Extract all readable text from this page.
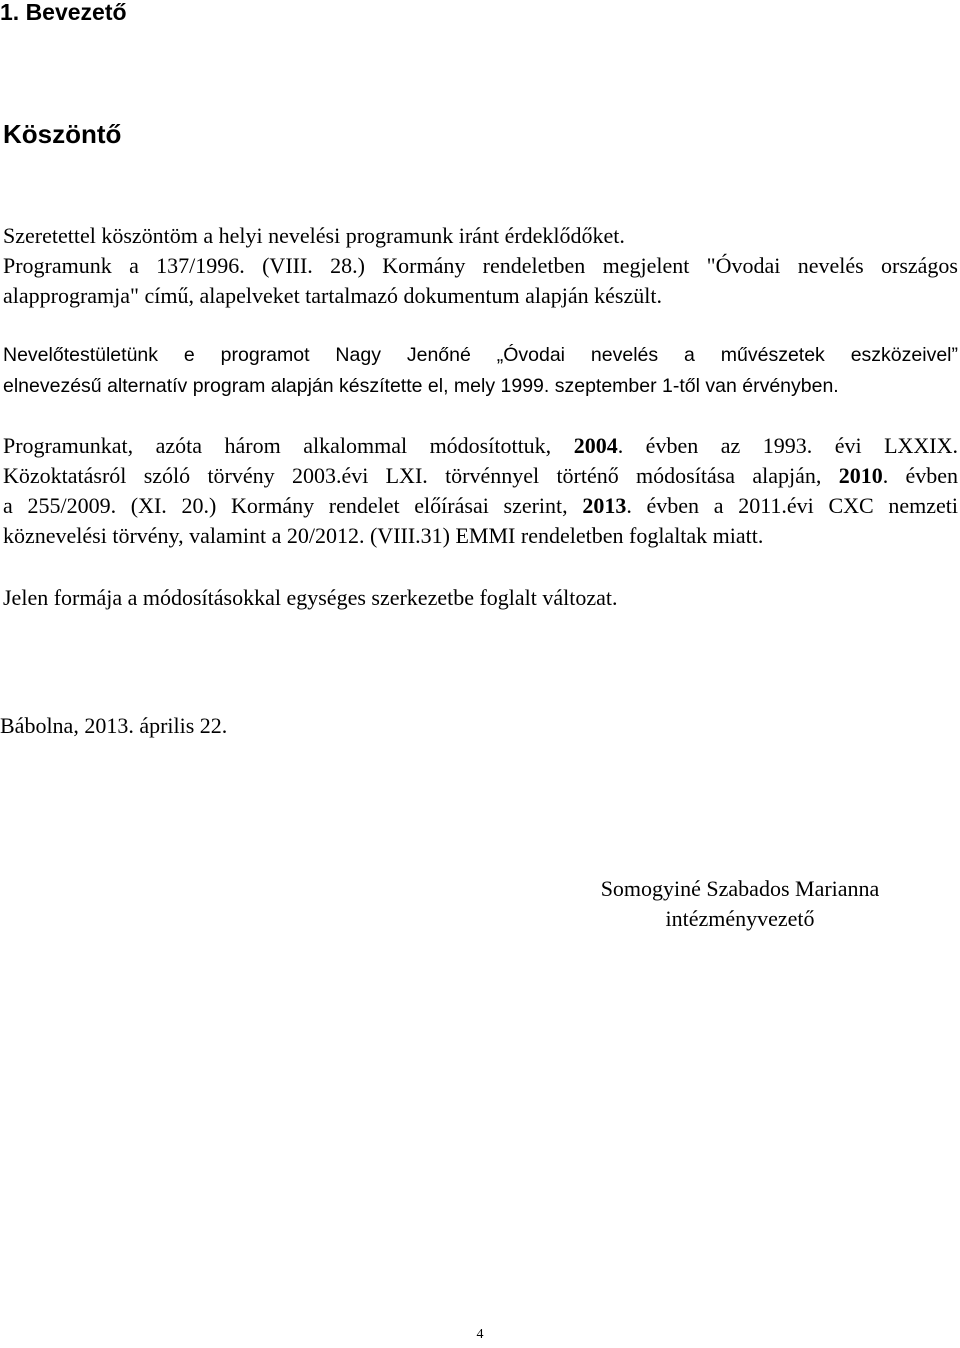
1. Bevezető
Köszöntő
Szeretettel köszöntöm a helyi nevelési programunk iránt érdeklődőket.
Programunk a 137/1996. (VIII. 28.) Kormány rendeletben megjelent "Óvodai nevelés országos
alapprogramja" című, alapelveket tartalmazó dokumentum alapján készült.
Nevelőtestületünk e programot Nagy Jenőné „Óvodai nevelés a művészetek eszközeivel”
elnevezésű alternatív program alapján készítette el, mely 1999. szeptember 1-től van érvényben.
Programunkat, azóta három alkalommal módosítottuk, 2004. évben az 1993. évi LXXIX.
Közoktatásról szóló törvény 2003.évi LXI. törvénnyel történő módosítása alapján, 2010. évben
a 255/2009. (XI. 20.) Kormány rendelet előírásai szerint, 2013. évben a 2011.évi CXC nemzeti
köznevelési törvény, valamint a 20/2012. (VIII.31) EMMI rendeletben foglaltak miatt.
Jelen formája a módosításokkal egységes szerkezetbe foglalt változat.
Bábolna, 2013. április 22.
Somogyiné Szabados Marianna
intézményvezető
4
